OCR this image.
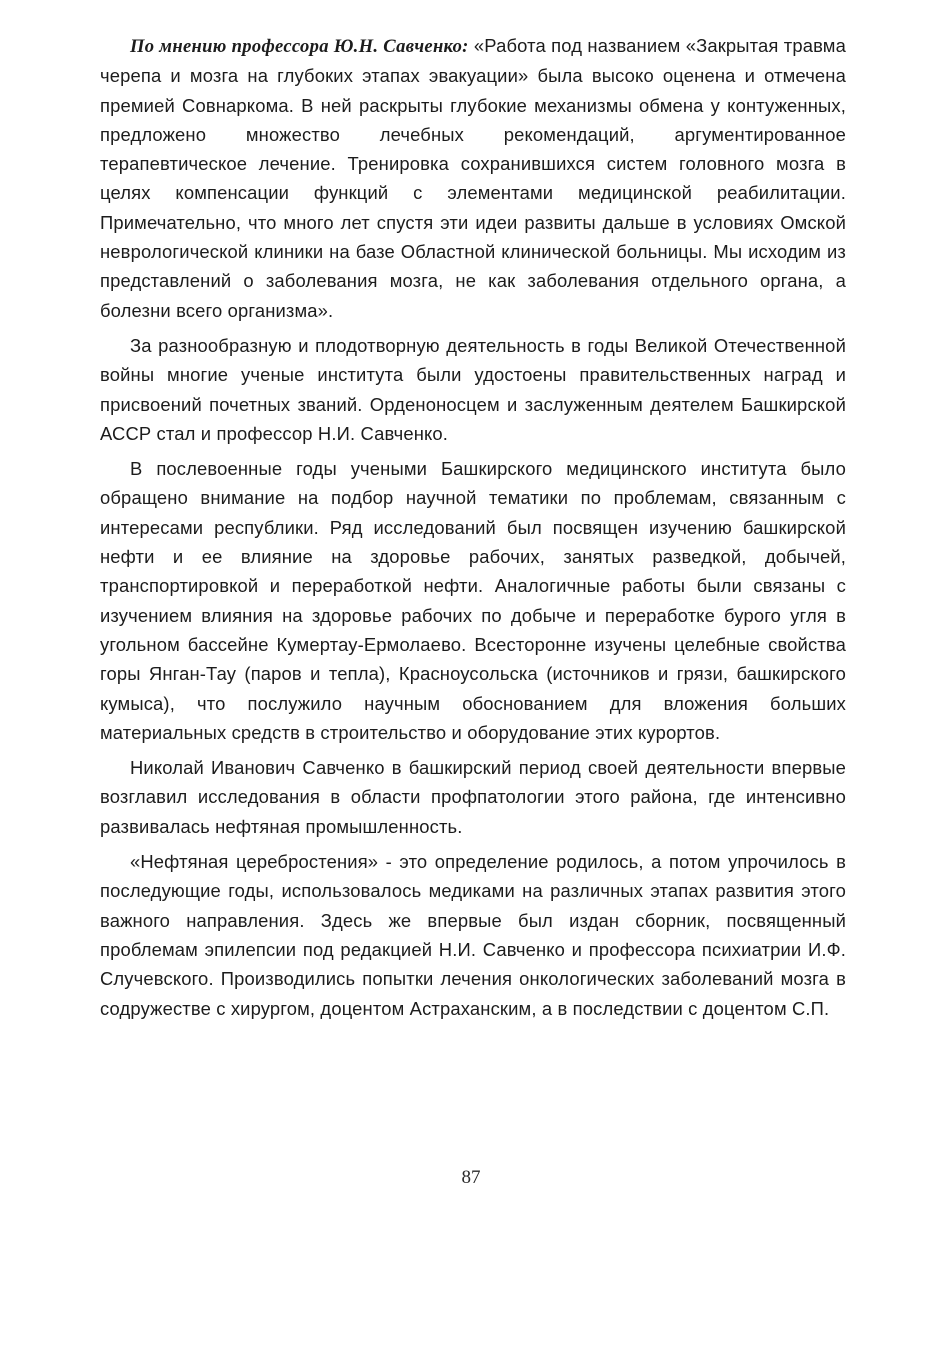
По мнению профессора Ю.Н. Савченко: «Работа под названием «Закрытая травма черепа и мозга на глубоких этапах эвакуации» была высоко оценена и отмечена премией Совнаркома. В ней раскрыты глубокие механизмы обмена у контуженных, предложено множество лечебных рекомендаций, аргументированное терапевтическое лечение. Тренировка сохранившихся систем головного мозга в целях компенсации функций с элементами медицинской реабилитации. Примечательно, что много лет спустя эти идеи развиты дальше в условиях Омской неврологической клиники на базе Областной клинической больницы. Мы исходим из представлений о заболевания мозга, не как заболевания отдельного органа, а болезни всего организма».

За разнообразную и плодотворную деятельность в годы Великой Отечественной войны многие ученые института были удостоены правительственных наград и присвоений почетных званий. Орденоносцем и заслуженным деятелем Башкирской АССР стал и профессор Н.И. Савченко.

В послевоенные годы учеными Башкирского медицинского института было обращено внимание на подбор научной тематики по проблемам, связанным с интересами республики. Ряд исследований был посвящен изучению башкирской нефти и ее влияние на здоровье рабочих, занятых разведкой, добычей, транспортировкой и переработкой нефти. Аналогичные работы были связаны с изучением влияния на здоровье рабочих по добыче и переработке бурого угля в угольном бассейне Кумертау-Ермолаево. Всесторонне изучены целебные свойства горы Янган-Тау (паров и тепла), Красноусольска (источников и грязи, башкирского кумыса), что послужило научным обоснованием для вложения больших материальных средств в строительство и оборудование этих курортов.

Николай Иванович Савченко в башкирский период своей деятельности впервые возглавил исследования в области профпатологии этого района, где интенсивно развивалась нефтяная промышленность.

«Нефтяная церебростения» - это определение родилось, а потом упрочилось в последующие годы, использовалось медиками на различных этапах развития этого важного направления. Здесь же впервые был издан сборник, посвященный проблемам эпилепсии под редакцией Н.И. Савченко и профессора психиатрии И.Ф. Случевского. Производились попытки лечения онкологических заболеваний мозга в содружестве с хирургом, доцентом Астраханским, а в последствии с доцентом С.П.

87
